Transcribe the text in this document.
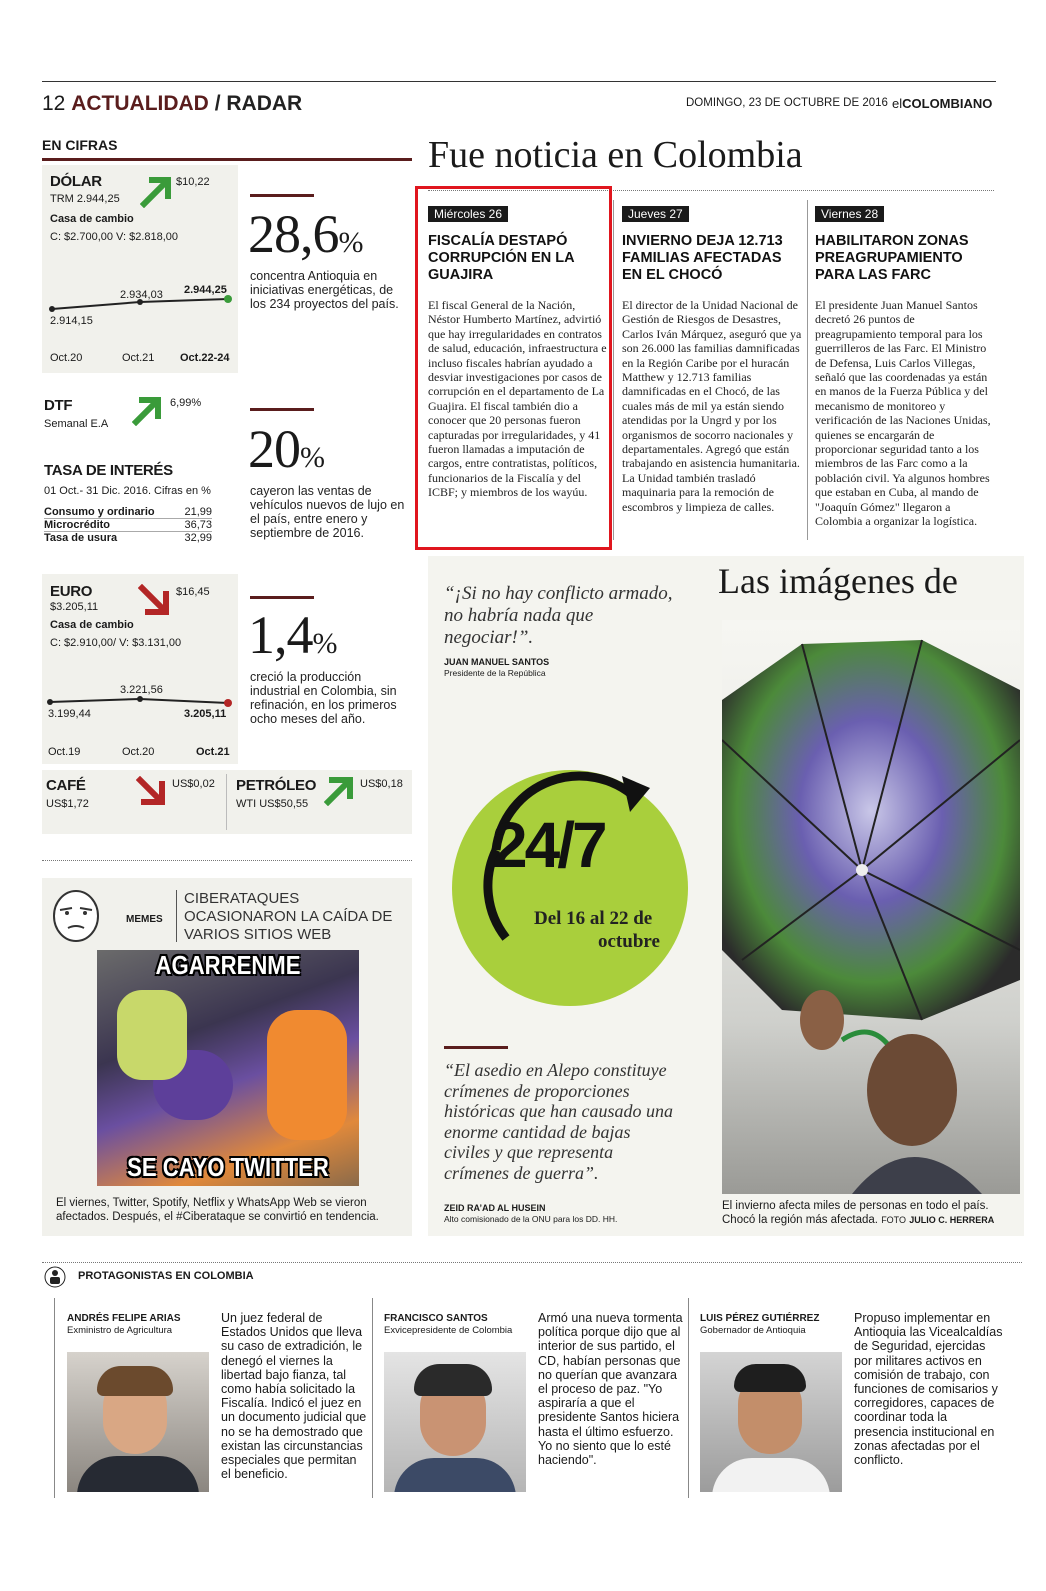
12 ACTUALIDAD / RADAR	DOMINGO, 23 DE OCTUBRE DE 2016 elCOLOMBIANO
EN CIFRAS
DÓLAR
TRM 2.944,25
$10,22
Casa de cambio
C: $2.700,00 V: $2.818,00
2.914,15
2.934,03 2.944,25
Oct.20	Oct.21 Oct.22-24
DTF
Semanal E.A
6,99%
TASA DE INTERÉS
01 Oct.- 31 Dic. 2016. Cifras en %
Consumo y ordinario	21,99
Microcrédito	36,73
Tasa de usura	32,99
EURO
$3.205,11
$16,45
Casa de cambio
C: $2.910,00/ V: $3.131,00
3.199,44
3.221,56
3.205,11
Oct.19	Oct.20	Oct.21
CAFÉ
US$1,72
US$0,02 PETRÓLEO
WTI US$50,55
US$0,18
28,6%
concentra Antioquia en iniciativas energéticas, de los 234 proyectos del país.
20%
cayeron las ventas de vehículos nuevos de lujo en el país, entre enero y septiembre de 2016.
1,4%
creció la producción industrial en Colombia, sin refinación, en los primeros ocho meses del año.
MEMES
CIBERATAQUES OCASIONARON LA CAÍDA DE VARIOS SITIOS WEB
AGARRENME
SE CAYO TWITTER
El viernes, Twitter, Spotify, Netflix y WhatsApp Web se vieron afectados. Después, el #Ciberataque se convirtió en tendencia.
Fue noticia en Colombia
Miércoles 26
FISCALÍA DESTAPÓ CORRUPCIÓN EN LA GUAJIRA
El fiscal General de la Nación, Néstor Humberto Martínez, advirtió que hay irregularidades en contratos de salud, educación, infraestructura e incluso fiscales habrían ayudado a desviar investigaciones por casos de corrupción en el departamento de La Guajira. El fiscal también dio a conocer que 20 personas fueron capturadas por irregularidades, y 41 fueron llamadas a imputación de cargos, entre contratistas, políticos, funcionarios de la Fiscalía y del ICBF; y miembros de los wayúu.
Jueves 27
INVIERNO DEJA 12.713 FAMILIAS AFECTADAS EN EL CHOCÓ
El director de la Unidad Nacional de Gestión de Riesgos de Desastres, Carlos Iván Márquez, aseguró que ya son 26.000 las familias damnificadas en la Región Caribe por el huracán Matthew y 12.713 familias damnificadas en el Chocó, de las cuales más de mil ya están siendo atendidas por la Ungrd y por los organismos de socorro nacionales y departamentales. Agregó que están trabajando en asistencia humanitaria. La Unidad también trasladó maquinaria para la remoción de escombros y limpieza de calles.
Viernes 28
HABILITARON ZONAS PREAGRUPAMIENTO PARA LAS FARC
El presidente Juan Manuel Santos decretó 26 puntos de preagrupamiento temporal para los guerrilleros de las Farc. El Ministro de Defensa, Luis Carlos Villegas, señaló que las coordenadas ya están en manos de la Fuerza Pública y del mecanismo de monitoreo y verificación de las Naciones Unidas, quienes se encargarán de proporcionar seguridad tanto a los miembros de las Farc como a la población civil. Ya algunos hombres que estaban en Cuba, al mando de "Joaquín Gómez" llegaron a Colombia a organizar la logística.
“¡Si no hay conflicto armado, no habría nada que negociar!”.
JUAN MANUEL SANTOS
Presidente de la República
24/7
Del 16 al 22 de
octubre
“El asedio en Alepo constituye crímenes de proporciones históricas que han causado una enorme cantidad de bajas civiles y que representa crímenes de guerra”.
ZEID RA’AD AL HUSEIN
Alto comisionado de la ONU para los DD. HH.
Las imágenes de
El invierno afecta miles de personas en todo el país. Chocó la región más afectada. FOTO JULIO C. HERRERA
PROTAGONISTAS EN COLOMBIA
ANDRÉS FELIPE ARIAS
Exministro de Agricultura
Un juez federal de Estados Unidos que lleva su caso de extradición, le denegó el viernes la libertad bajo fianza, tal como había solicitado la Fiscalía. Indicó el juez en un documento judicial que no se ha demostrado que existan las circunstancias especiales que permitan el beneficio.
FRANCISCO SANTOS
Exvicepresidente de Colombia
Armó una nueva tormenta política porque dijo que al interior de sus partido, el CD, habían personas que no querían que avanzara el proceso de paz. "Yo aspiraría a que el presidente Santos hiciera hasta el último esfuerzo. Yo no siento que lo esté haciendo".
LUIS PÉREZ GUTIÉRREZ
Gobernador de Antioquia
Propuso implementar en Antioquia las Vicealcaldías de Seguridad, ejercidas por militares activos en comisión de trabajo, con funciones de comisarios y corregidores, capaces de coordinar toda la presencia institucional en zonas afectadas por el conflicto.
